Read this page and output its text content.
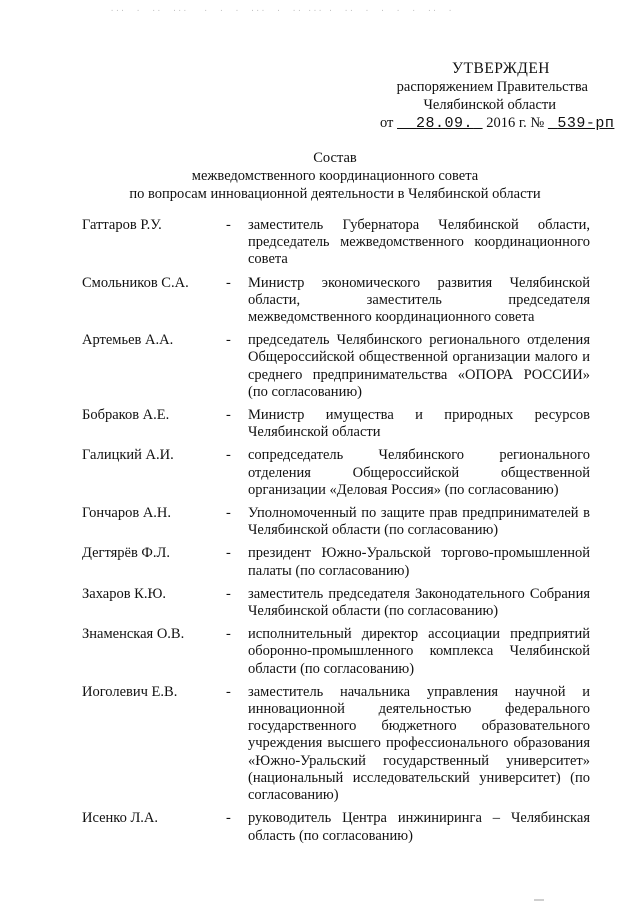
...  .  ..  ...   .  .  .  ...  .  .. ... .  ..  .  .  .  .  ..  .
УТВЕРЖДЕН
распоряжением Правительства
Челябинской области
от 28.09. 2016 г. № 539-рп
Состав
межведомственного координационного совета
по вопросам инновационной деятельности в Челябинской области
Гаттаров Р.У.	-	заместитель Губернатора Челябинской области, председатель межведомственного координационного совета
Смольников С.А.	-	Министр экономического развития Челябинской области, заместитель председателя межведомственного координационного совета
Артемьев А.А.	-	председатель Челябинского регионального отделения Общероссийской общественной организации малого и среднего предпринимательства «ОПОРА РОССИИ» (по согласованию)
Бобраков А.Е.	-	Министр имущества и природных ресурсов Челябинской области
Галицкий А.И.	-	сопредседатель Челябинского регионального отделения Общероссийской общественной организации «Деловая Россия» (по согласованию)
Гончаров А.Н.	-	Уполномоченный по защите прав предпринимателей в Челябинской области (по согласованию)
Дегтярёв Ф.Л.	-	президент Южно-Уральской торгово-промышленной палаты (по согласованию)
Захаров К.Ю.	-	заместитель председателя Законодательного Собрания Челябинской области (по согласованию)
Знаменская О.В.	-	исполнительный директор ассоциации предприятий оборонно-промышленного комплекса Челябинской области (по согласованию)
Иоголевич Е.В.	-	заместитель начальника управления научной и инновационной деятельностью федерального государственного бюджетного образовательного учреждения высшего профессионального образования «Южно-Уральский государственный университет» (национальный исследовательский университет) (по согласованию)
Исенко Л.А.	-	руководитель Центра инжиниринга – Челябинская область (по согласованию)
